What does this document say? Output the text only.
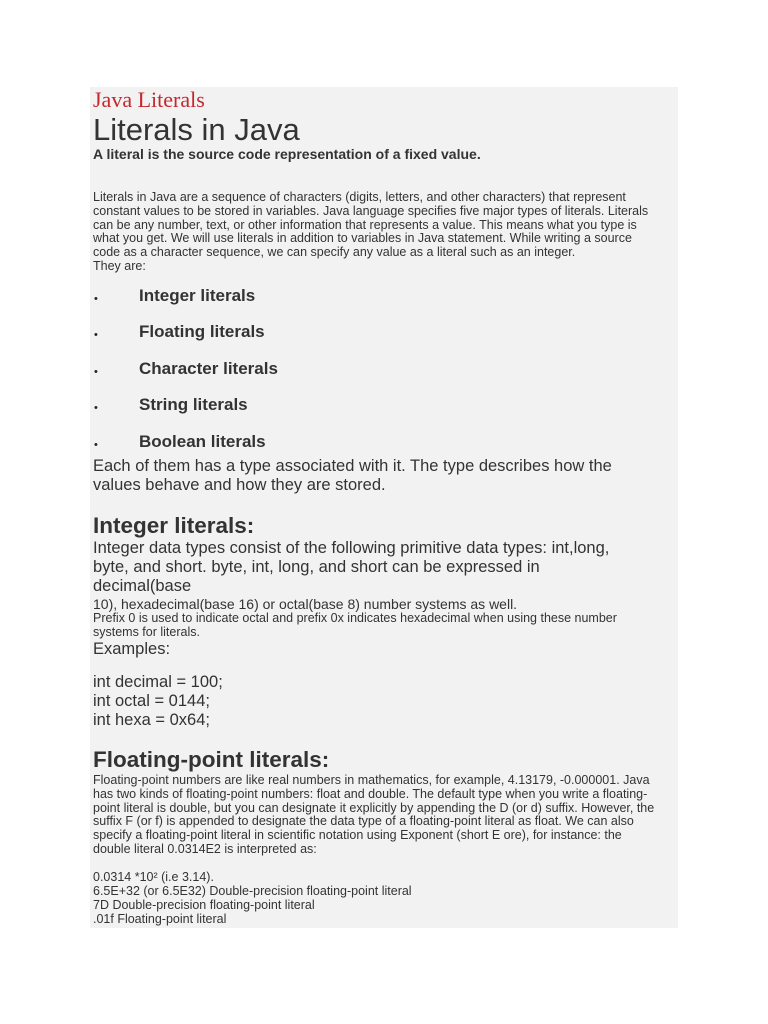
Java Literals
Literals in Java
A literal is the source code representation of a fixed value.
Literals in Java are a sequence of characters (digits, letters, and other characters) that represent
constant values to be stored in variables. Java language specifies five major types of literals. Literals
can be any number, text, or other information that represents a value. This means what you type is
what you get. We will use literals in addition to variables in Java statement. While writing a source
code as a character sequence, we can specify any value as a literal such as an integer.
They are:
• Integer literals
• Floating literals
• Character literals
• String literals
• Boolean literals
Each of them has a type associated with it. The type describes how the
values behave and how they are stored.
Integer literals:
Integer data types consist of the following primitive data types: int,long,
byte, and short. byte, int, long, and short can be expressed in
decimal(base
10), hexadecimal(base 16) or octal(base 8) number systems as well.
Prefix 0 is used to indicate octal and prefix 0x indicates hexadecimal when using these number
systems for literals.
Examples:
int decimal = 100;
int octal = 0144;
int hexa = 0x64;
Floating-point literals:
Floating-point numbers are like real numbers in mathematics, for example, 4.13179, -0.000001. Java
has two kinds of floating-point numbers: float and double. The default type when you write a floating-
point literal is double, but you can designate it explicitly by appending the D (or d) suffix. However, the
suffix F (or f) is appended to designate the data type of a floating-point literal as float. We can also
specify a floating-point literal in scientific notation using Exponent (short E ore), for instance: the
double literal 0.0314E2 is interpreted as:
0.0314 *10² (i.e 3.14).
6.5E+32 (or 6.5E32) Double-precision floating-point literal
7D Double-precision floating-point literal
.01f Floating-point literal
